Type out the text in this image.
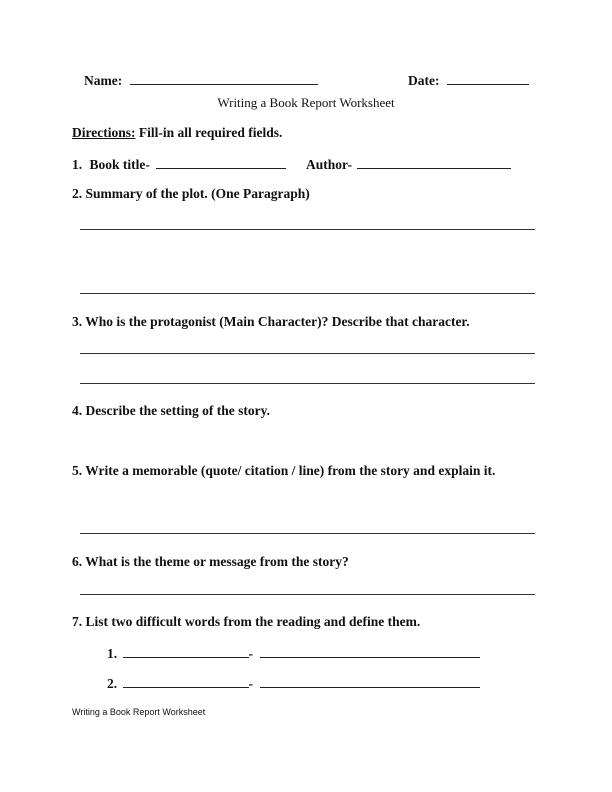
Name:	Date:
Writing a Book Report Worksheet
Directions: Fill-in all required fields.
1. Book title-	Author-
2. Summary of the plot. (One Paragraph)
3. Who is the protagonist (Main Character)? Describe that character.
4. Describe the setting of the story.
5. Write a memorable (quote/ citation / line) from the story and explain it.
6. What is the theme or message from the story?
7. List two difficult words from the reading and define them.
1.	-
2.	-
Writing a Book Report Worksheet
